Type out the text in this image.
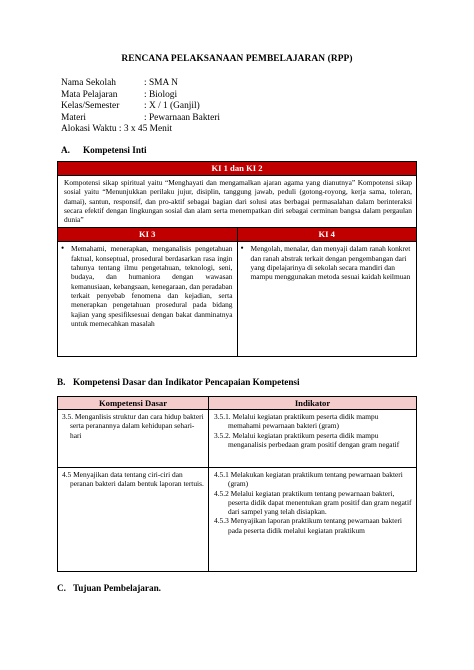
RENCANA PELAKSANAAN PEMBELAJARAN (RPP)
Nama Sekolah	: SMA N
Mata Pelajaran	: Biologi
Kelas/Semester	: X / 1 (Ganjil)
Materi	: Pewarnaan Bakteri
Alokasi Waktu : 3 x 45 Menit
A. Kompetensi Inti
KI 1 dan KI 2	
Kompotensi sikap spiritual yaitu “Menghayati dan mengamalkan ajaran agama yang dianutnya” Kompotensi sikap sosial yaitu “Menunjukkan perilaku jujur, disiplin, tanggung jawab, peduli (gotong-royong, kerja sama, toleran, damai), santun, responsif, dan pro-aktif sebagai bagian dari solusi atas berbagai permasalahan dalam berinteraksi secara efektif dengan lingkungan sosial dan alam serta menempatkan diri sebagai cerminan bangsa dalam pergaulan dunia”	
KI 3	KI 4

• Memahami, menerapkan, menganalisis pengetahuan faktual, konseptual, prosedural berdasarkan rasa ingin tahunya tentang ilmu pengetahuan, teknologi, seni, budaya, dan humaniora dengan wawasan kemanusiaan, kebangsaan, kenegaraan, dan peradaban terkait penyebab fenomena dan kejadian, serta menerapkan pengetahuan prosedural pada bidang kajian yang spesifiksesuai dengan bakat danminatnya untuk memecahkan masalah	• Mengolah, menalar, dan menyaji dalam ranah konkret dan ranah abstrak terkait dengan pengembangan dari yang dipelajarinya di sekolah secara mandiri dan mampu menggunakan metoda sesuai kaidah keilmuan
B. Kompetensi Dasar dan Indikator Pencapaian Kompetensi
Kompetensi Dasar	Indikator

3.5. Menganlisis struktur dan cara hidup bakteri serta peranannya dalam kehidupan sehari-hari	3.5.1. Melalui kegiatan praktikum peserta didik mampu memahami pewarnaan bakteri (gram)
3.5.2. Melalui kegiatan praktikum peserta didik mampu menganalisis perbedaan gram positif dengan gram negatif

4.5 Menyajikan data tentang ciri-ciri dan peranan bakteri dalam bentuk laporan tertuis.	4.5.1 Melakukan kegiatan praktikum tentang pewarnaan bakteri (gram)
4.5.2 Melalui kegiatan praktikum tentang pewarnaan bakteri, peserta didik dapat menentukan gram positif dan gram negatif dari sampel yang telah disiapkan.
4.5.3 Menyajikan laporan praktikum tentang pewarnaan bakteri pada peserta didik melalui kegiatan praktikum
C. Tujuan Pembelajaran.
